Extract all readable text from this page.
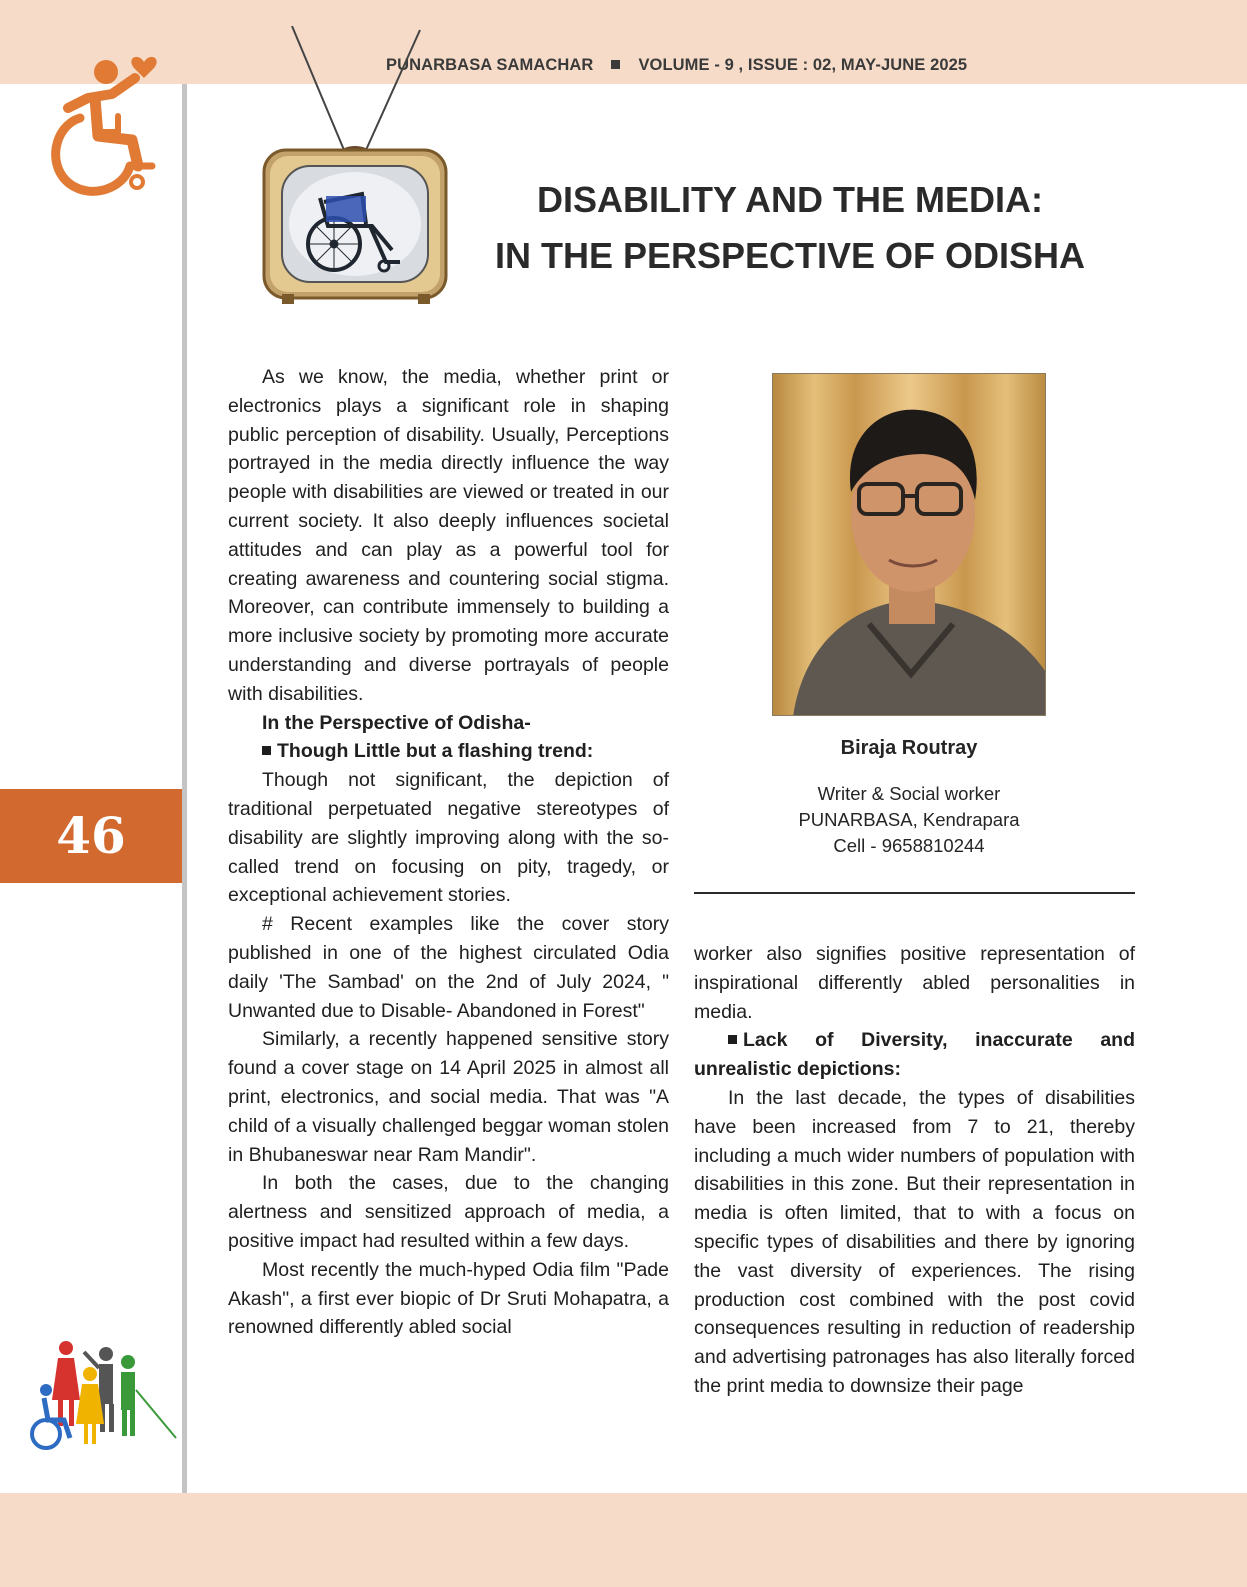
PUNARBASA SAMACHAR	VOLUME - 9 , ISSUE : 02, MAY-JUNE 2025
DISABILITY AND THE MEDIA:
IN THE PERSPECTIVE OF ODISHA
46

As we know, the media, whether print or electronics plays a significant role in shaping public perception of disability. Usually, Perceptions portrayed in the media directly influence the way people with disabilities are viewed or treated in our current society. It also deeply influences societal attitudes and can play as a powerful tool for creating awareness and countering social stigma. Moreover, can contribute immensely to building a more inclusive society by promoting more accurate understanding and diverse portrayals of people with disabilities.

In the Perspective of Odisha-

Though Little but a flashing trend:

Though not significant, the depiction of traditional perpetuated negative stereotypes of disability are slightly improving along with the so-called trend on focusing on pity, tragedy, or exceptional achievement stories.

# Recent examples like the cover story published in one of the highest circulated Odia daily 'The Sambad' on the 2nd of July 2024, " Unwanted due to Disable- Abandoned in Forest"

Similarly, a recently happened sensitive story found a cover stage on 14 April 2025 in almost all print, electronics, and social media. That was "A child of a visually challenged beggar woman stolen in Bhubaneswar near Ram Mandir".

In both the cases, due to the changing alertness and sensitized approach of media, a positive impact had resulted within a few days.

Most recently the much-hyped Odia film "Pade Akash", a first ever biopic of Dr Sruti Mohapatra, a renowned differently abled social

Biraja Routray
Writer & Social worker
PUNARBASA, Kendrapara
Cell - 9658810244

worker also signifies positive representation of inspirational differently abled personalities in media.

Lack of Diversity, inaccurate and unrealistic depictions:

In the last decade, the types of disabilities have been increased from 7 to 21, thereby including a much wider numbers of population with disabilities in this zone. But their representation in media is often limited, that to with a focus on specific types of disabilities and there by ignoring the vast diversity of experiences. The rising production cost combined with the post covid consequences resulting in reduction of readership and advertising patronages has also literally forced the print media to downsize their page
